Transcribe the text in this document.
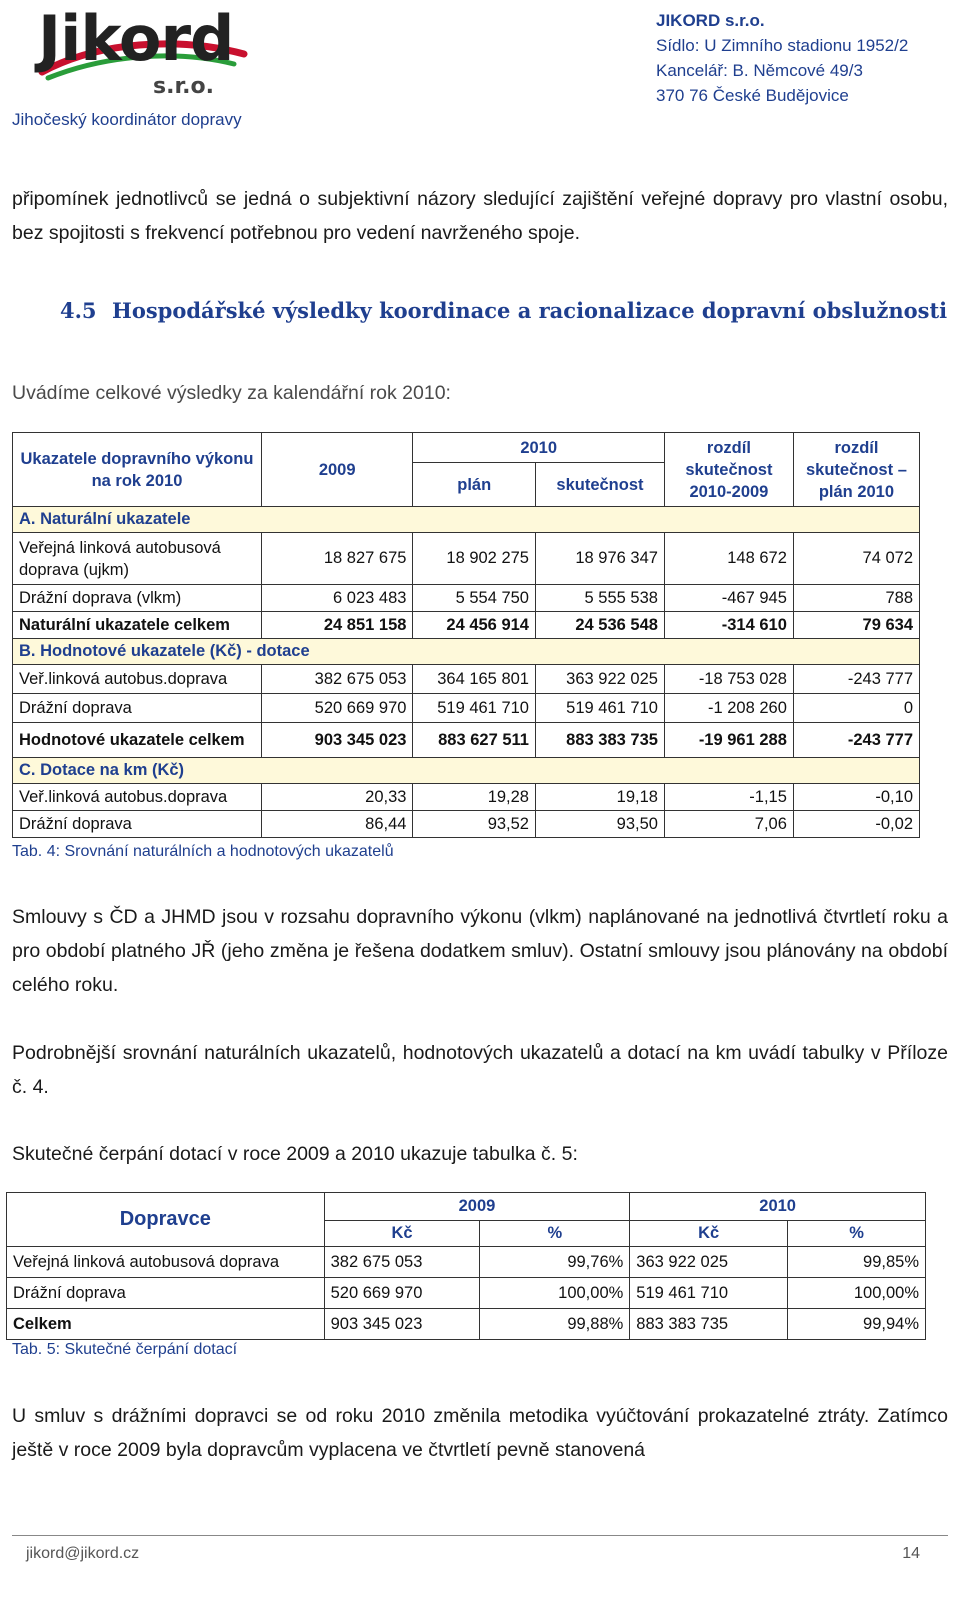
Jikord
s.r.o.
Jihočeský koordinátor dopravy
JIKORD s.r.o.
Sídlo: U Zimního stadionu 1952/2
Kancelář: B. Němcové 49/3
370 76 České Budějovice

připomínek jednotlivců se jedná o subjektivní názory sledující zajištění veřejné dopravy pro vlastní osobu, bez spojitosti s frekvencí potřebnou pro vedení navrženého spoje.

4.5 Hospodářské výsledky koordinace a racionalizace dopravní obslužnosti

Uvádíme celkové výsledky za kalendářní rok 2010:

Ukazatele dopravního výkonu na rok 2010	2009	2010		rozdíl skutečnost 2010-2009	rozdíl skutečnost – plán 2010
		plán	skutečnost		
A. Naturální ukazatele					
Veřejná linková autobusová doprava (ujkm)	18 827 675	18 902 275	18 976 347	148 672	74 072
Drážní doprava (vlkm)	6 023 483	5 554 750	5 555 538	-467 945	788
Naturální ukazatele celkem	24 851 158	24 456 914	24 536 548	-314 610	79 634
B. Hodnotové ukazatele (Kč) - dotace					
Veř.linková autobus.doprava	382 675 053	364 165 801	363 922 025	-18 753 028	-243 777
Drážní doprava	520 669 970	519 461 710	519 461 710	-1 208 260	0
Hodnotové ukazatele celkem	903 345 023	883 627 511	883 383 735	-19 961 288	-243 777
C. Dotace na km (Kč)					
Veř.linková autobus.doprava	20,33	19,28	19,18	-1,15	-0,10
Drážní doprava	86,44	93,52	93,50	7,06	-0,02
Tab. 4: Srovnání naturálních a hodnotových ukazatelů

Smlouvy s ČD a JHMD jsou v rozsahu dopravního výkonu (vlkm) naplánované na jednotlivá čtvrtletí roku a pro období platného JŘ (jeho změna je řešena dodatkem smluv). Ostatní smlouvy jsou plánovány na období celého roku.

Podrobnější srovnání naturálních ukazatelů, hodnotových ukazatelů a dotací na km uvádí tabulky v Příloze č. 4.

Skutečné čerpání dotací v roce 2009 a 2010 ukazuje tabulka č. 5:

Dopravce	2009		2010	
	Kč	%	Kč	%
Veřejná linková autobusová doprava	382 675 053	99,76%	363 922 025	99,85%
Drážní doprava	520 669 970	100,00%	519 461 710	100,00%
Celkem	903 345 023	99,88%	883 383 735	99,94%
Tab. 5: Skutečné čerpání dotací

U smluv s drážními dopravci se od roku 2010 změnila metodika vyúčtování prokazatelné ztráty. Zatímco ještě v roce 2009 byla dopravcům vyplacena ve čtvrtletí pevně stanovená

jikord@jikord.cz	14
